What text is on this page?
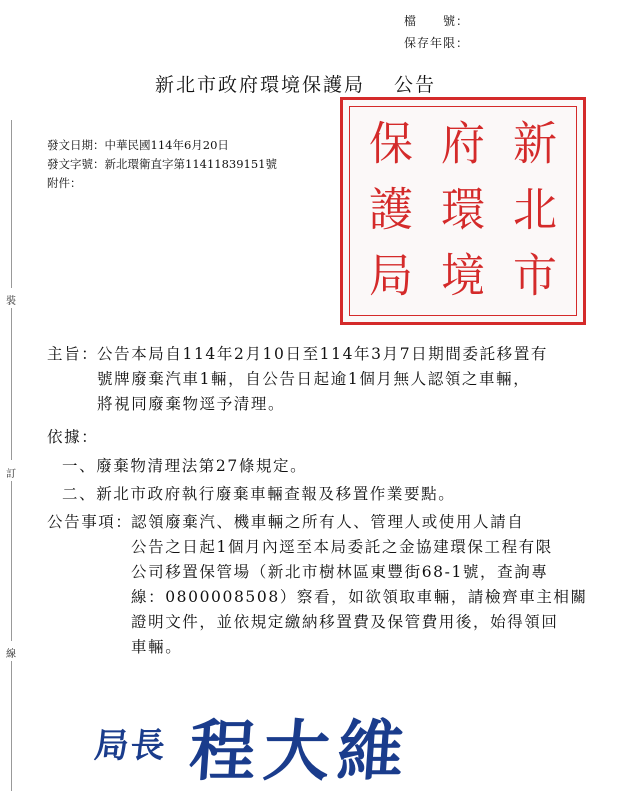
檔　　號：
保存年限：
新北市政府環境保護局　 公告
發文日期：中華民國114年6月20日
發文字號：新北環衛直字第11411839151號
附件：
新
北
市
府
環
境
保
護
局
裝
訂
線
主旨：
公告本局自114年2月10日至114年3月7日期間委託移置有
號牌廢棄汽車1輛，自公告日起逾1個月無人認領之車輛，
將視同廢棄物逕予清理。
依據：
一、廢棄物清理法第27條規定。
二、新北市政府執行廢棄車輛查報及移置作業要點。
公告事項：
認領廢棄汽、機車輛之所有人、管理人或使用人請自
公告之日起1個月內逕至本局委託之金協建環保工程有限
公司移置保管場（新北市樹林區東豐街68-1號，查詢專
線：0800008508）察看，如欲領取車輛，請檢齊車主相關
證明文件，並依規定繳納移置費及保管費用後，始得領回
車輛。
局長 程大維
